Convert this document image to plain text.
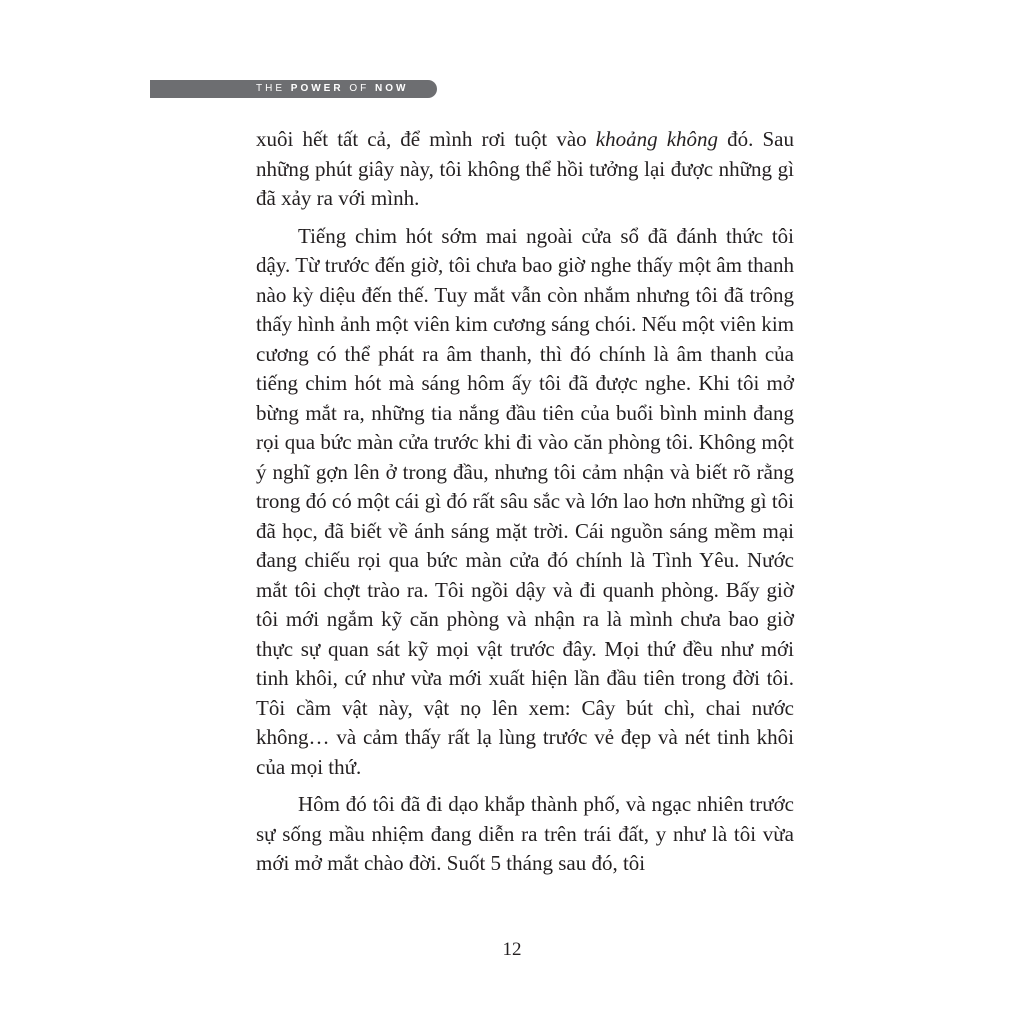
THE POWER OF NOW

xuôi hết tất cả, để mình rơi tuột vào khoảng không đó. Sau những phút giây này, tôi không thể hồi tưởng lại được những gì đã xảy ra với mình.

Tiếng chim hót sớm mai ngoài cửa sổ đã đánh thức tôi dậy. Từ trước đến giờ, tôi chưa bao giờ nghe thấy một âm thanh nào kỳ diệu đến thế. Tuy mắt vẫn còn nhắm nhưng tôi đã trông thấy hình ảnh một viên kim cương sáng chói. Nếu một viên kim cương có thể phát ra âm thanh, thì đó chính là âm thanh của tiếng chim hót mà sáng hôm ấy tôi đã được nghe. Khi tôi mở bừng mắt ra, những tia nắng đầu tiên của buổi bình minh đang rọi qua bức màn cửa trước khi đi vào căn phòng tôi. Không một ý nghĩ gợn lên ở trong đầu, nhưng tôi cảm nhận và biết rõ rằng trong đó có một cái gì đó rất sâu sắc và lớn lao hơn những gì tôi đã học, đã biết về ánh sáng mặt trời. Cái nguồn sáng mềm mại đang chiếu rọi qua bức màn cửa đó chính là Tình Yêu. Nước mắt tôi chợt trào ra. Tôi ngồi dậy và đi quanh phòng. Bấy giờ tôi mới ngắm kỹ căn phòng và nhận ra là mình chưa bao giờ thực sự quan sát kỹ mọi vật trước đây. Mọi thứ đều như mới tinh khôi, cứ như vừa mới xuất hiện lần đầu tiên trong đời tôi. Tôi cầm vật này, vật nọ lên xem: Cây bút chì, chai nước không… và cảm thấy rất lạ lùng trước vẻ đẹp và nét tinh khôi của mọi thứ.

Hôm đó tôi đã đi dạo khắp thành phố, và ngạc nhiên trước sự sống mầu nhiệm đang diễn ra trên trái đất, y như là tôi vừa mới mở mắt chào đời. Suốt 5 tháng sau đó, tôi

12
